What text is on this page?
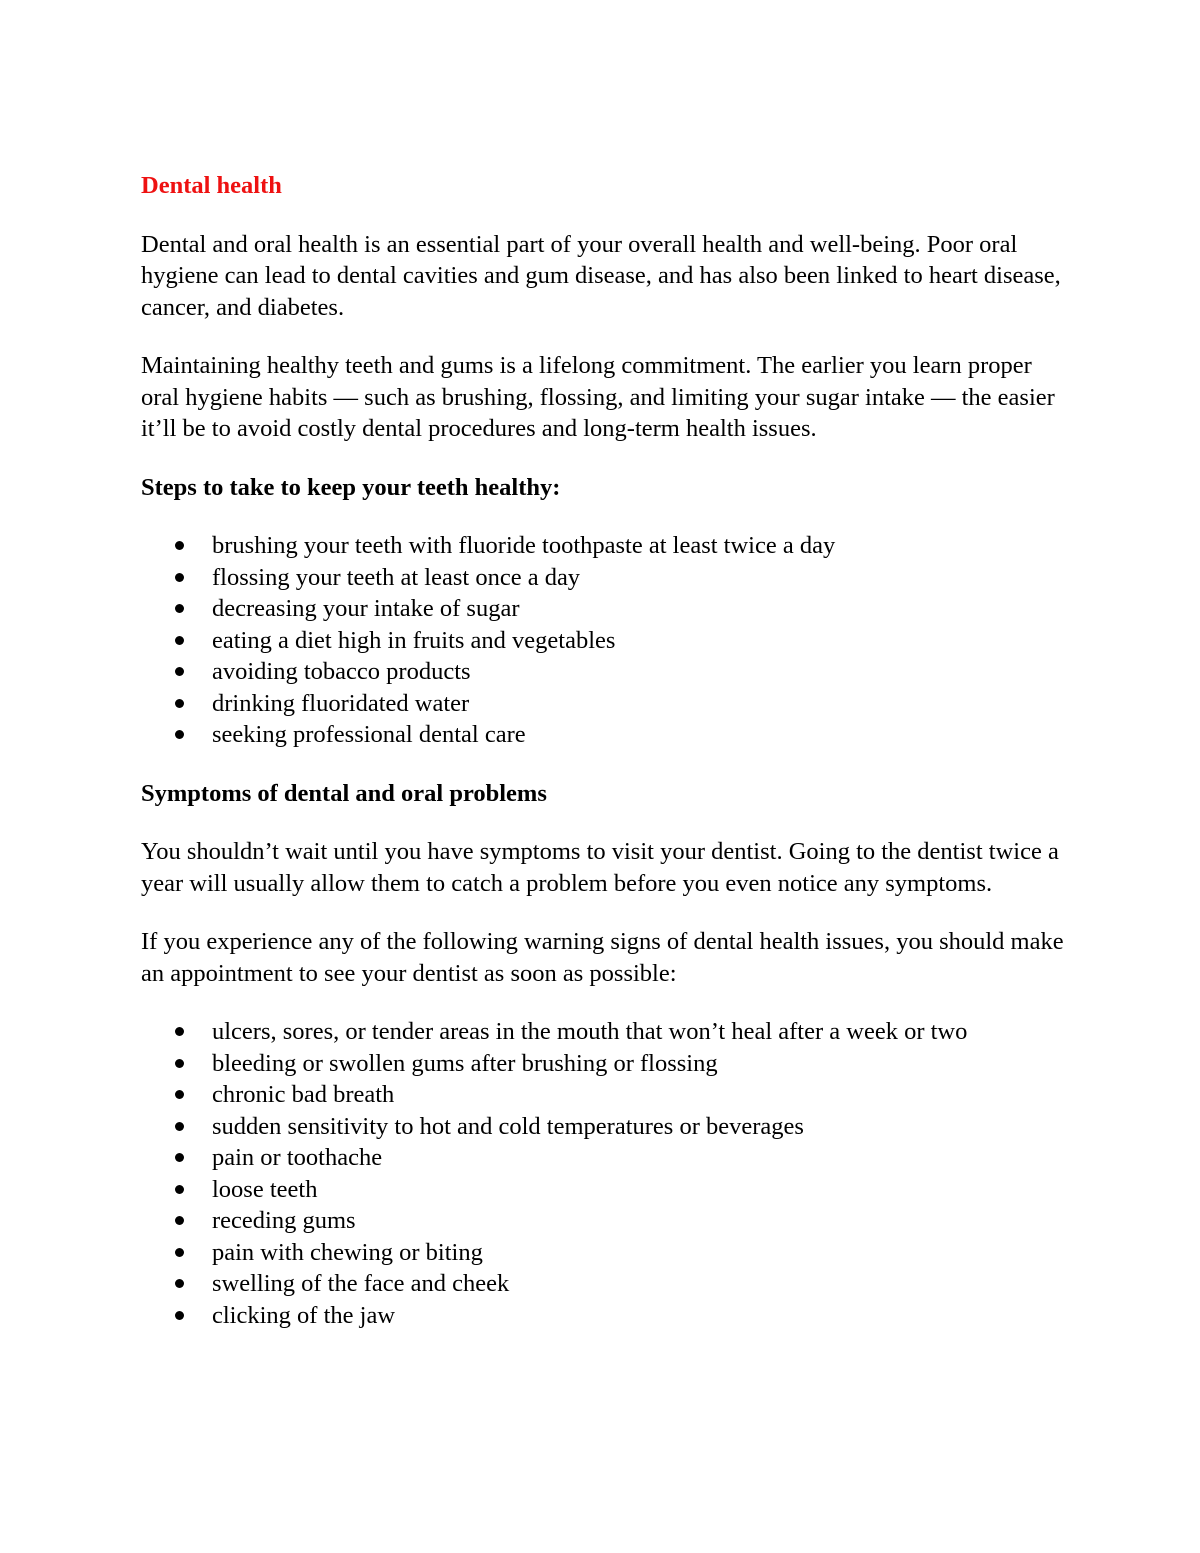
Dental health

Dental and oral health is an essential part of your overall health and well-being. Poor oral hygiene can lead to dental cavities and gum disease, and has also been linked to heart disease, cancer, and diabetes.

Maintaining healthy teeth and gums is a lifelong commitment. The earlier you learn proper oral hygiene habits — such as brushing, flossing, and limiting your sugar intake — the easier it’ll be to avoid costly dental procedures and long-term health issues.

Steps to take to keep your teeth healthy:
brushing your teeth with fluoride toothpaste at least twice a day
flossing your teeth at least once a day
decreasing your intake of sugar
eating a diet high in fruits and vegetables
avoiding tobacco products
drinking fluoridated water
seeking professional dental care
Symptoms of dental and oral problems

You shouldn’t wait until you have symptoms to visit your dentist. Going to the dentist twice a year will usually allow them to catch a problem before you even notice any symptoms.

If you experience any of the following warning signs of dental health issues, you should make an appointment to see your dentist as soon as possible:

ulcers, sores, or tender areas in the mouth that won’t heal after a week or two
bleeding or swollen gums after brushing or flossing
chronic bad breath
sudden sensitivity to hot and cold temperatures or beverages
pain or toothache
loose teeth
receding gums
pain with chewing or biting
swelling of the face and cheek
clicking of the jaw
